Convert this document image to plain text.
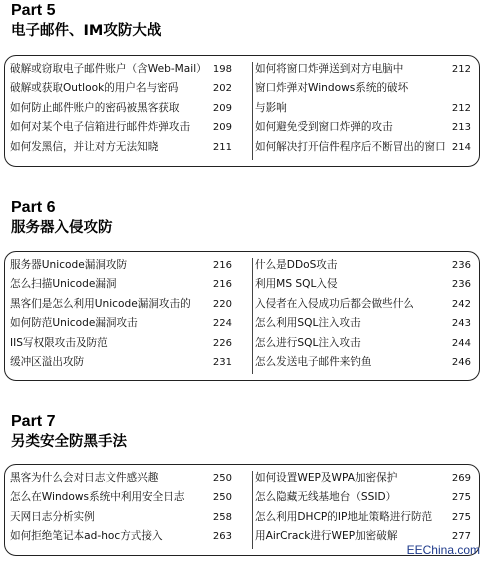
Part 5
电子邮件、IM攻防大战
破解或窃取电子邮件账户（含Web-Mail） 198
破解或获取Outlook的用户名与密码	202
如何防止邮件账户的密码被黑客获取	209
如何对某个电子信箱进行邮件炸弹攻击 209
如何发黑信，并让对方无法知晓	211
如何将窗口炸弹送到对方电脑中	212
窗口炸弹对Windows系统的破坏
与影响	212
如何避免受到窗口炸弹的攻击	213
如何解决打开信件程序后不断冒出的窗口 214
Part 6
服务器入侵攻防
服务器Unicode漏洞攻防	216
怎么扫描Unicode漏洞	216
黑客们是怎么利用Unicode漏洞攻击的 220
如何防范Unicode漏洞攻击	224
IIS写权限攻击及防范	226
缓冲区溢出攻防	231
什么是DDoS攻击	236
利用MS SQL入侵	236
入侵者在入侵成功后都会做些什么	242
怎么利用SQL注入攻击	243
怎么进行SQL注入攻击	244
怎么发送电子邮件来钓鱼	246
Part 7
另类安全防黑手法
黑客为什么会对日志文件感兴趣	250
怎么在Windows系统中利用安全日志	250
天网日志分析实例	258
如何拒绝笔记本ad-hoc方式接入	263
如何设置WEP及WPA加密保护	269
怎么隐藏无线基地台（SSID）	275
怎么利用DHCP的IP地址策略进行防范 275
用AirCrack进行WEP加密破解	277
EEChina.com
